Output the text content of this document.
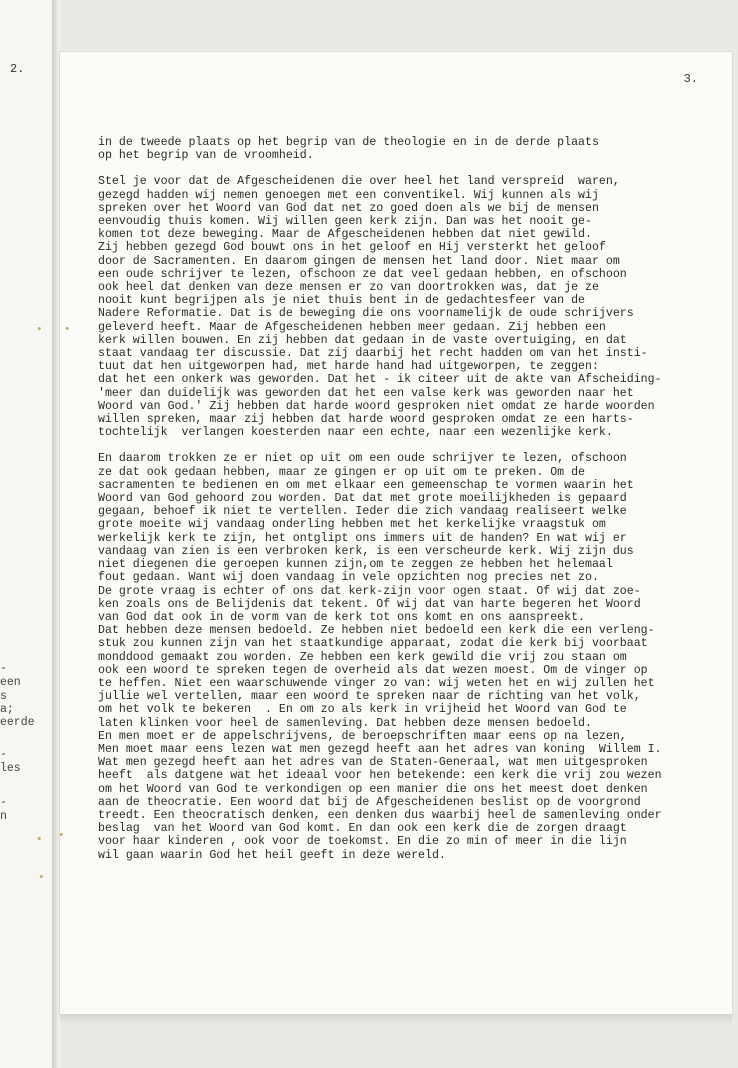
2.
-
een
s
a;
eerde
-
les
-
n
3.
• •
• •
•
in de tweede plaats op het begrip van de theologie en in de derde plaats
op het begrip van de vroomheid.
Stel je voor dat de Afgescheidenen die over heel het land verspreid  waren,
gezegd hadden wij nemen genoegen met een conventikel. Wij kunnen als wij
spreken over het Woord van God dat net zo goed doen als we bij de mensen
eenvoudig thuis komen. Wij willen geen kerk zijn. Dan was het nooit ge-
komen tot deze beweging. Maar de Afgescheidenen hebben dat niet gewild.
Zij hebben gezegd God bouwt ons in het geloof en Hij versterkt het geloof
door de Sacramenten. En daarom gingen de mensen het land door. Niet maar om
een oude schrijver te lezen, ofschoon ze dat veel gedaan hebben, en ofschoon
ook heel dat denken van deze mensen er zo van doortrokken was, dat je ze
nooit kunt begrijpen als je niet thuis bent in de gedachtesfeer van de
Nadere Reformatie. Dat is de beweging die ons voornamelijk de oude schrijvers
geleverd heeft. Maar de Afgescheidenen hebben meer gedaan. Zij hebben een
kerk willen bouwen. En zij hebben dat gedaan in de vaste overtuiging, en dat
staat vandaag ter discussie. Dat zij daarbij het recht hadden om van het insti-
tuut dat hen uitgeworpen had, met harde hand had uitgeworpen, te zeggen:
dat het een onkerk was geworden. Dat het - ik citeer uit de akte van Afscheiding-
'meer dan duidelijk was geworden dat het een valse kerk was geworden naar het
Woord van God.' Zij hebben dat harde woord gesproken niet omdat ze harde woorden
willen spreken, maar zij hebben dat harde woord gesproken omdat ze een harts-
tochtelijk  verlangen koesterden naar een echte, naar een wezenlijke kerk.
En daarom trokken ze er niet op uit om een oude schrijver te lezen, ofschoon
ze dat ook gedaan hebben, maar ze gingen er op uit om te preken. Om de
sacramenten te bedienen en om met elkaar een gemeenschap te vormen waarin het
Woord van God gehoord zou worden. Dat dat met grote moeilijkheden is gepaard
gegaan, behoef ik niet te vertellen. Ieder die zich vandaag realiseert welke
grote moeite wij vandaag onderling hebben met het kerkelijke vraagstuk om
werkelijk kerk te zijn, het ontglipt ons immers uit de handen? En wat wij er
vandaag van zien is een verbroken kerk, is een verscheurde kerk. Wij zijn dus
niet diegenen die geroepen kunnen zijn,om te zeggen ze hebben het helemaal
fout gedaan. Want wij doen vandaag in vele opzichten nog precies net zo.
De grote vraag is echter of ons dat kerk-zijn voor ogen staat. Of wij dat zoe-
ken zoals ons de Belijdenis dat tekent. Of wij dat van harte begeren het Woord
van God dat ook in de vorm van de kerk tot ons komt en ons aanspreekt.
Dat hebben deze mensen bedoeld. Ze hebben niet bedoeld een kerk die een verleng-
stuk zou kunnen zijn van het staatkundige apparaat, zodat die kerk bij voorbaat
monddood gemaakt zou worden. Ze hebben een kerk gewild die vrij zou staan om
ook een woord te spreken tegen de overheid als dat wezen moest. Om de vinger op
te heffen. Niet een waarschuwende vinger zo van: wij weten het en wij zullen het
jullie wel vertellen, maar een woord te spreken naar de richting van het volk,
om het volk te bekeren  . En om zo als kerk in vrijheid het Woord van God te
laten klinken voor heel de samenleving. Dat hebben deze mensen bedoeld.
En men moet er de appelschrijvens, de beroepschriften maar eens op na lezen,
Men moet maar eens lezen wat men gezegd heeft aan het adres van koning  Willem I.
Wat men gezegd heeft aan het adres van de Staten-Generaal, wat men uitgesproken
heeft  als datgene wat het ideaal voor hen betekende: een kerk die vrij zou wezen
om het Woord van God te verkondigen op een manier die ons het meest doet denken
aan de theocratie. Een woord dat bij de Afgescheidenen beslist op de voorgrond
treedt. Een theocratisch denken, een denken dus waarbij heel de samenleving onder
beslag  van het Woord van God komt. En dan ook een kerk die de zorgen draagt
voor haar kinderen , ook voor de toekomst. En die zo min of meer in die lijn
wil gaan waarin God het heil geeft in deze wereld.
